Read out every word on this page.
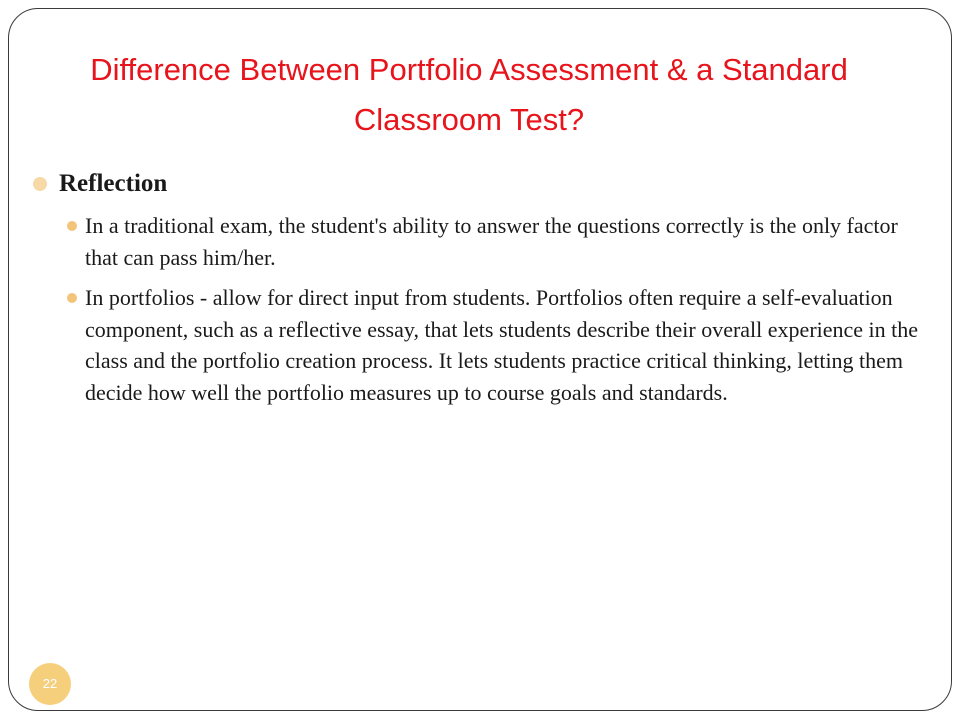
Difference Between Portfolio Assessment & a Standard Classroom Test?
Reflection
In a traditional exam, the student's ability to answer the questions correctly is the only factor that can pass him/her.
In portfolios - allow for direct input from students. Portfolios often require a self-evaluation component, such as a reflective essay, that lets students describe their overall experience in the class and the portfolio creation process. It lets students practice critical thinking, letting them decide how well the portfolio measures up to course goals and standards.
22
